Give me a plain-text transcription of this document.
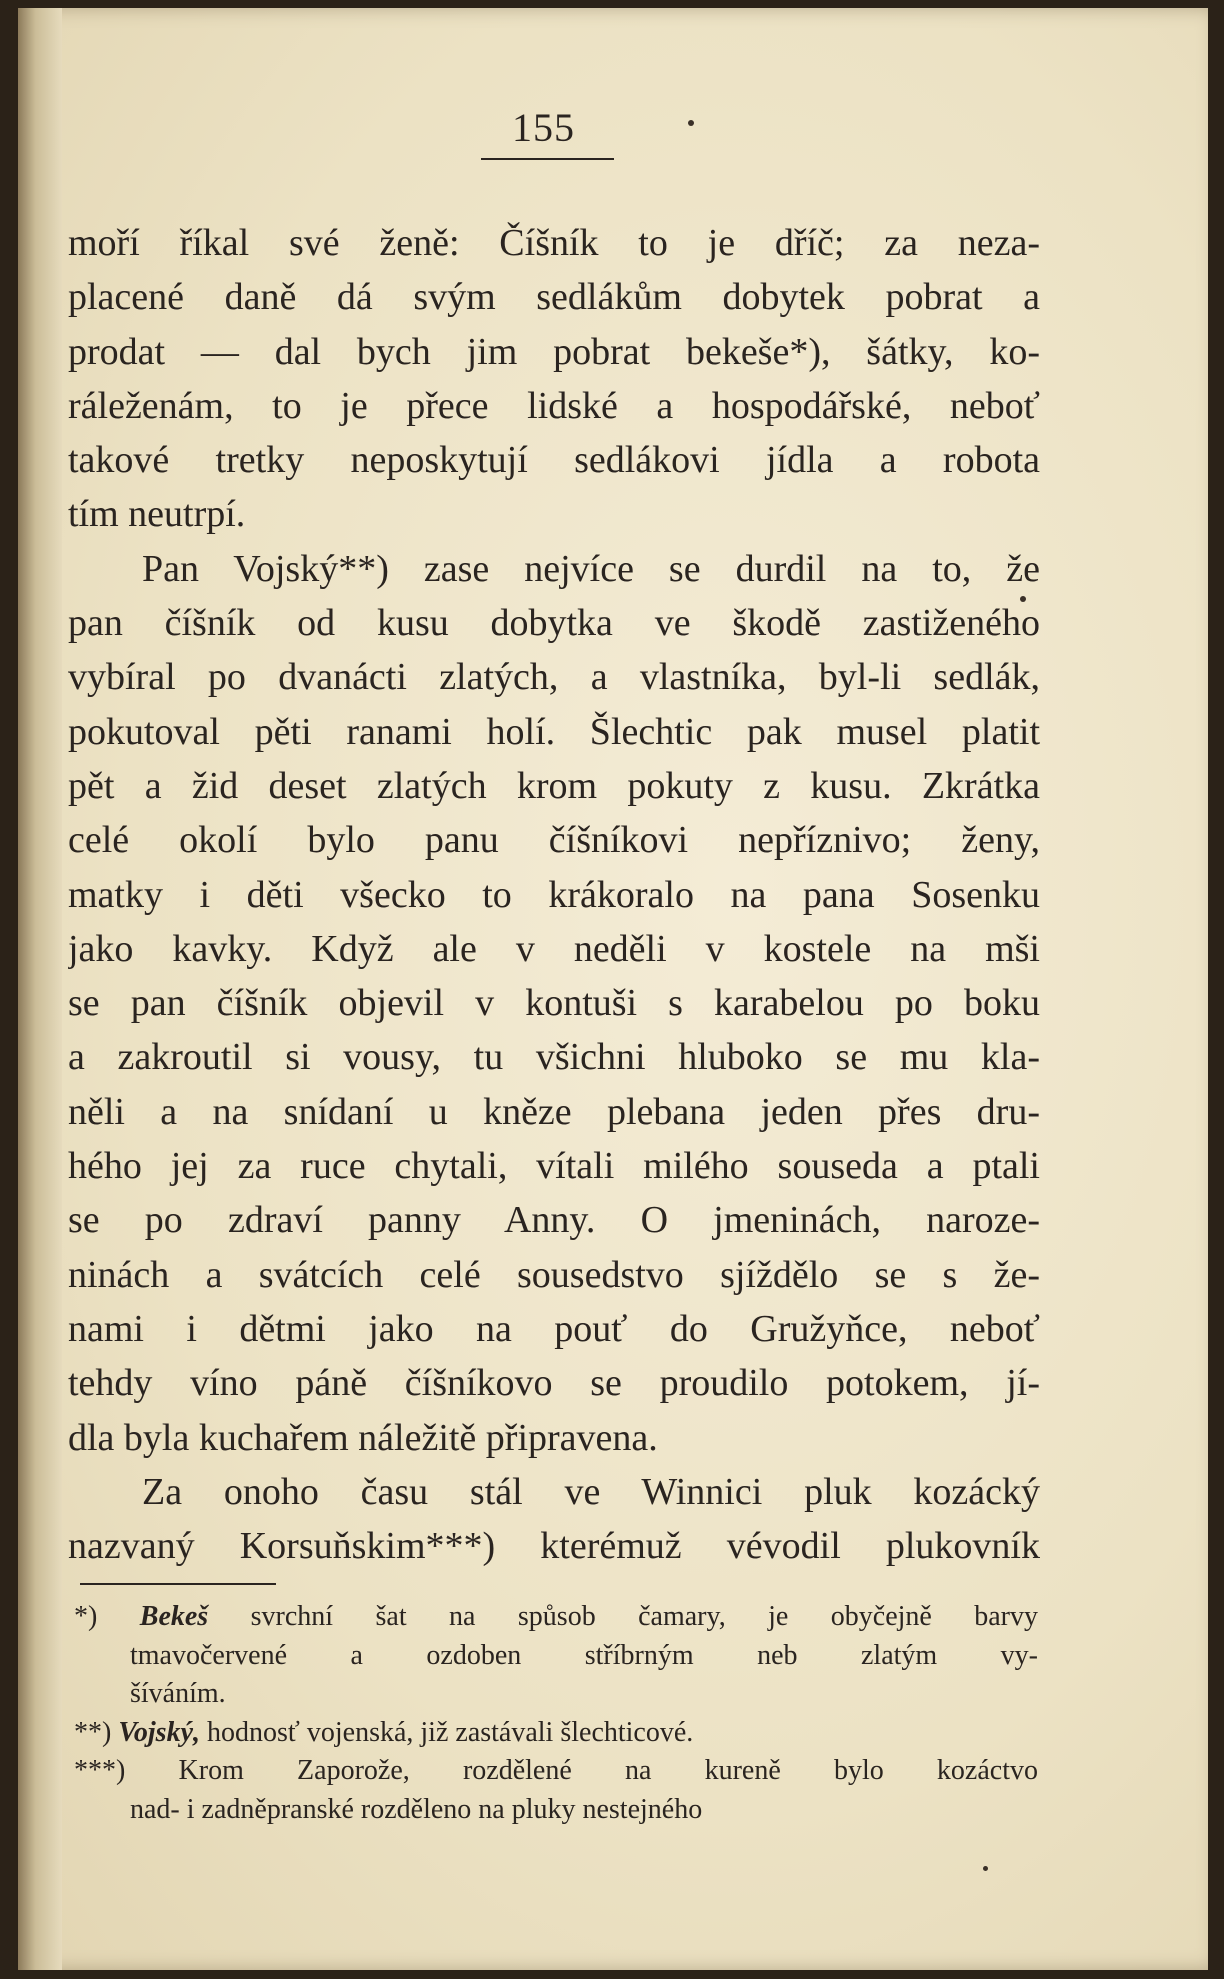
155
moří říkal své ženě: Číšník to je dříč; za neza-
placené daně dá svým sedlákům dobytek pobrat a
prodat — dal bych jim pobrat bekeše*), šátky, ko-
ráleženám, to je přece lidské a hospodářské, neboť
takové tretky neposkytují sedlákovi jídla a robota
tím neutrpí.
Pan Vojský**) zase nejvíce se durdil na to, že
pan číšník od kusu dobytka ve škodě zastiženého
vybíral po dvanácti zlatých, a vlastníka, byl-li sedlák,
pokutoval pěti ranami holí. Šlechtic pak musel platit
pět a žid deset zlatých krom pokuty z kusu. Zkrátka
celé okolí bylo panu číšníkovi nepříznivo; ženy,
matky i děti všecko to krákoralo na pana Sosenku
jako kavky. Když ale v neděli v kostele na mši
se pan číšník objevil v kontuši s karabelou po boku
a zakroutil si vousy, tu všichni hluboko se mu kla-
něli a na snídaní u kněze plebana jeden přes dru-
hého jej za ruce chytali, vítali milého souseda a ptali
se po zdraví panny Anny. O jmeninách, naroze-
ninách a svátcích celé sousedstvo sjíždělo se s že-
nami i dětmi jako na pouť do Gružyňce, neboť
tehdy víno páně číšníkovo se proudilo potokem, jí-
dla byla kuchařem náležitě připravena.
Za onoho času stál ve Winnici pluk kozácký
nazvaný Korsuňskim***) kterémuž vévodil plukovník
*) Bekeš svrchní šat na spůsob čamary, je obyčejně barvy
tmavočervené a ozdoben stříbrným neb zlatým vy-
šíváním.
**) Vojský, hodnosť vojenská, již zastávali šlechticové.
***) Krom Zaporože, rozdělené na kureně bylo kozáctvo
nad- i zadněpranské rozděleno na pluky nestejného
